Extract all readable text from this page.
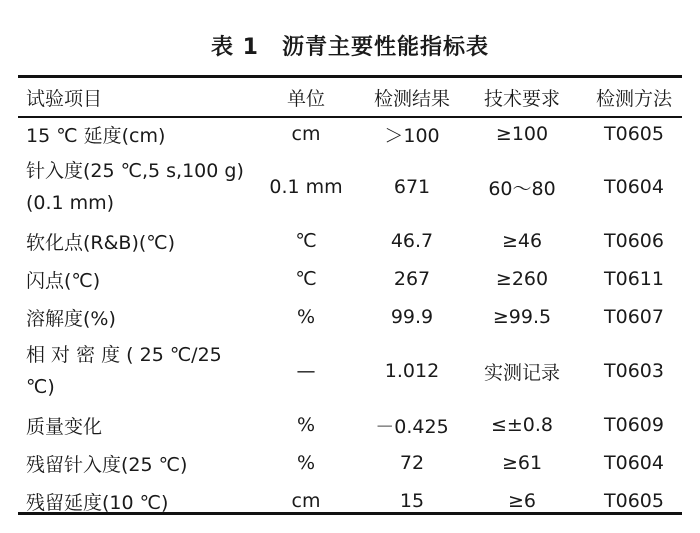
表 1　沥青主要性能指标表
试验项目	单位	检测结果	技术要求	检测方法
15 ℃ 延度(cm)	cm	＞100	≥100	T0605
针入度(25 ℃,5 s,100 g)(0.1 mm)	0.1 mm	671	60～80	T0604
软化点(R&B)(℃)	℃	46.7	≥46	T0606
闪点(℃)	℃	267	≥260	T0611
溶解度(%)	%	99.9	≥99.5	T0607
相 对 密 度 ( 25 ℃/25 ℃)	—	1.012	实测记录	T0603
质量变化	%	－0.425	≤±0.8	T0609
残留针入度(25 ℃)	%	72	≥61	T0604
残留延度(10 ℃)	cm	15	≥6	T0605
